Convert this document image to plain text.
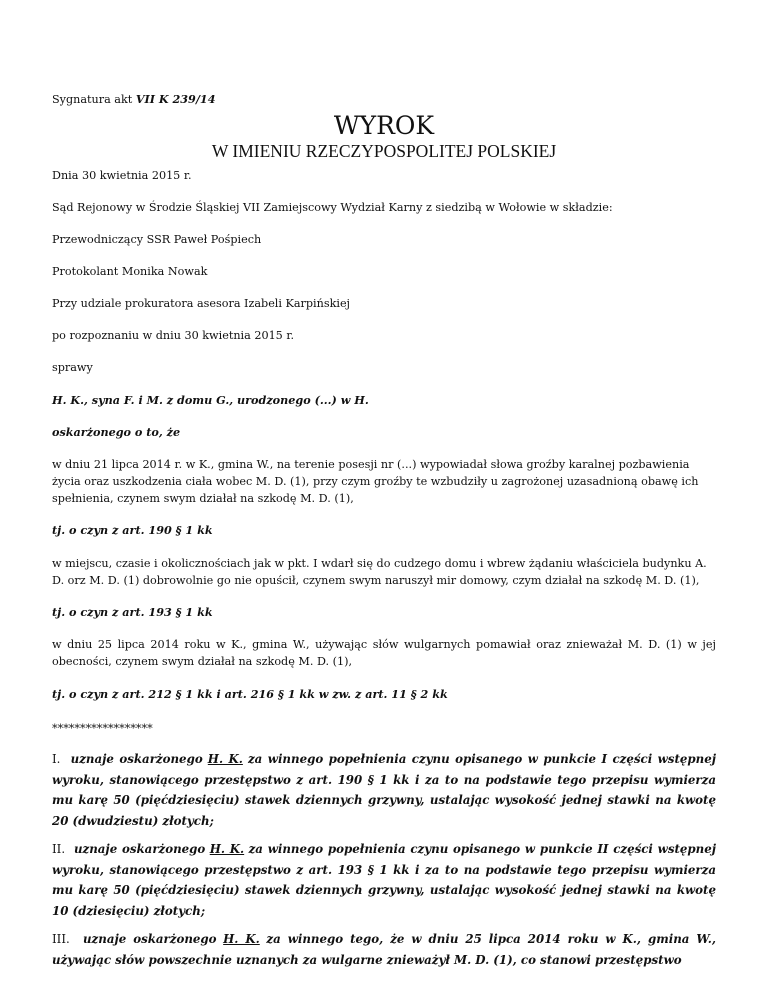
Sygnatura akt VII K 239/14

WYROK
W IMIENIU RZECZYPOSPOLITEJ POLSKIEJ

Dnia 30 kwietnia 2015 r.

Sąd Rejonowy w Środzie Śląskiej VII Zamiejscowy Wydział Karny z siedzibą w Wołowie w składzie:

Przewodniczący SSR Paweł Pośpiech

Protokolant Monika Nowak

Przy udziale prokuratora asesora Izabeli Karpińskiej

po rozpoznaniu w dniu 30 kwietnia 2015 r.

sprawy

H. K., syna F. i M. z domu G., urodzonego (...) w H.

oskarżonego o to, że

w dniu 21 lipca 2014 r. w K., gmina W., na terenie posesji nr (...) wypowiadał słowa groźby karalnej pozbawienia życia oraz uszkodzenia ciała wobec M. D. (1), przy czym groźby te wzbudziły u zagrożonej uzasadnioną obawę ich spełnienia, czynem swym działał na szkodę M. D. (1),

tj. o czyn z art. 190 § 1 kk

w miejscu, czasie i okolicznościach jak w pkt. I wdarł się do cudzego domu i wbrew żądaniu właściciela budynku A. D. orz M. D. (1) dobrowolnie go nie opuścił, czynem swym naruszył mir domowy, czym działał na szkodę M. D. (1),

tj. o czyn z art. 193 § 1 kk

w dniu 25 lipca 2014 roku w K., gmina W., używając słów wulgarnych pomawiał oraz znieważał M. D. (1) w jej obecności, czynem swym działał na szkodę M. D. (1),

tj. o czyn z art. 212 § 1 kk i art. 216 § 1 kk w zw. z art. 11 § 2 kk

******************

I. uznaje oskarżonego H. K. za winnego popełnienia czynu opisanego w punkcie I części wstępnej wyroku, stanowiącego przestępstwo z art. 190 § 1 kk i za to na podstawie tego przepisu wymierza mu karę 50 (pięćdziesięciu) stawek dziennych grzywny, ustalając wysokość jednej stawki na kwotę 20 (dwudziestu) złotych;

II. uznaje oskarżonego H. K. za winnego popełnienia czynu opisanego w punkcie II części wstępnej wyroku, stanowiącego przestępstwo z art. 193 § 1 kk i za to na podstawie tego przepisu wymierza mu karę 50 (pięćdziesięciu) stawek dziennych grzywny, ustalając wysokość jednej stawki na kwotę 10 (dziesięciu) złotych;

III. uznaje oskarżonego H. K. za winnego tego, że w dniu 25 lipca 2014 roku w K., gmina W., używając słów powszechnie uznanych za wulgarne znieważył M. D. (1), co stanowi przestępstwo
